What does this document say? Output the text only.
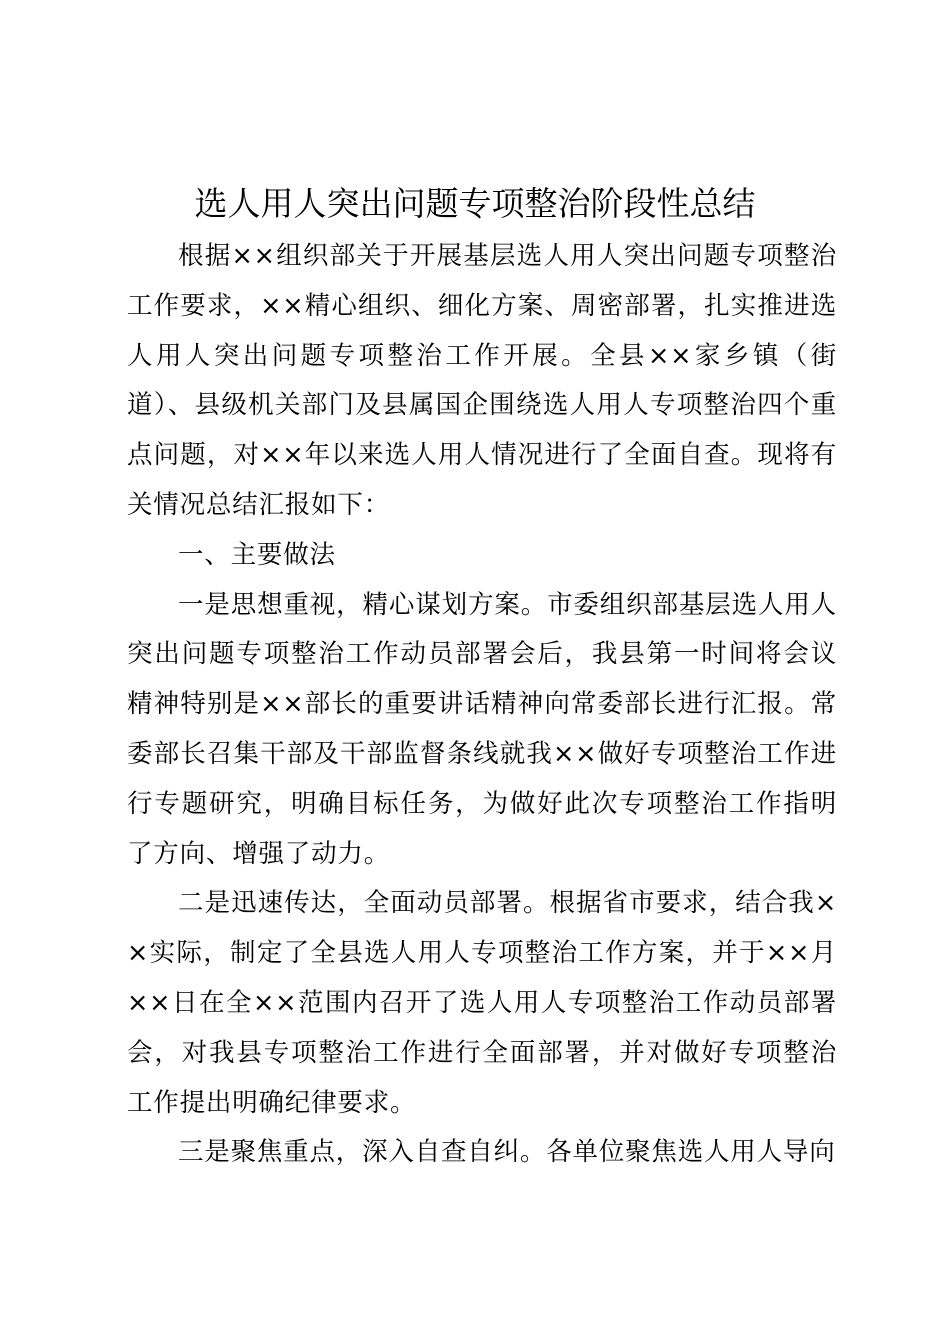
选人用人突出问题专项整治阶段性总结

根据××组织部关于开展基层选人用人突出问题专项整治工作要求，××精心组织、细化方案、周密部署，扎实推进选人用人突出问题专项整治工作开展。全县××家乡镇（街道）、县级机关部门及县属国企围绕选人用人专项整治四个重点问题，对××年以来选人用人情况进行了全面自查。现将有关情况总结汇报如下：

一、主要做法

一是思想重视，精心谋划方案。市委组织部基层选人用人突出问题专项整治工作动员部署会后，我县第一时间将会议精神特别是××部长的重要讲话精神向常委部长进行汇报。常委部长召集干部及干部监督条线就我××做好专项整治工作进行专题研究，明确目标任务，为做好此次专项整治工作指明了方向、增强了动力。

二是迅速传达，全面动员部署。根据省市要求，结合我××实际，制定了全县选人用人专项整治工作方案，并于××月××日在全××范围内召开了选人用人专项整治工作动员部署会，对我县专项整治工作进行全面部署，并对做好专项整治工作提出明确纪律要求。

三是聚焦重点，深入自查自纠。各单位聚焦选人用人导向
